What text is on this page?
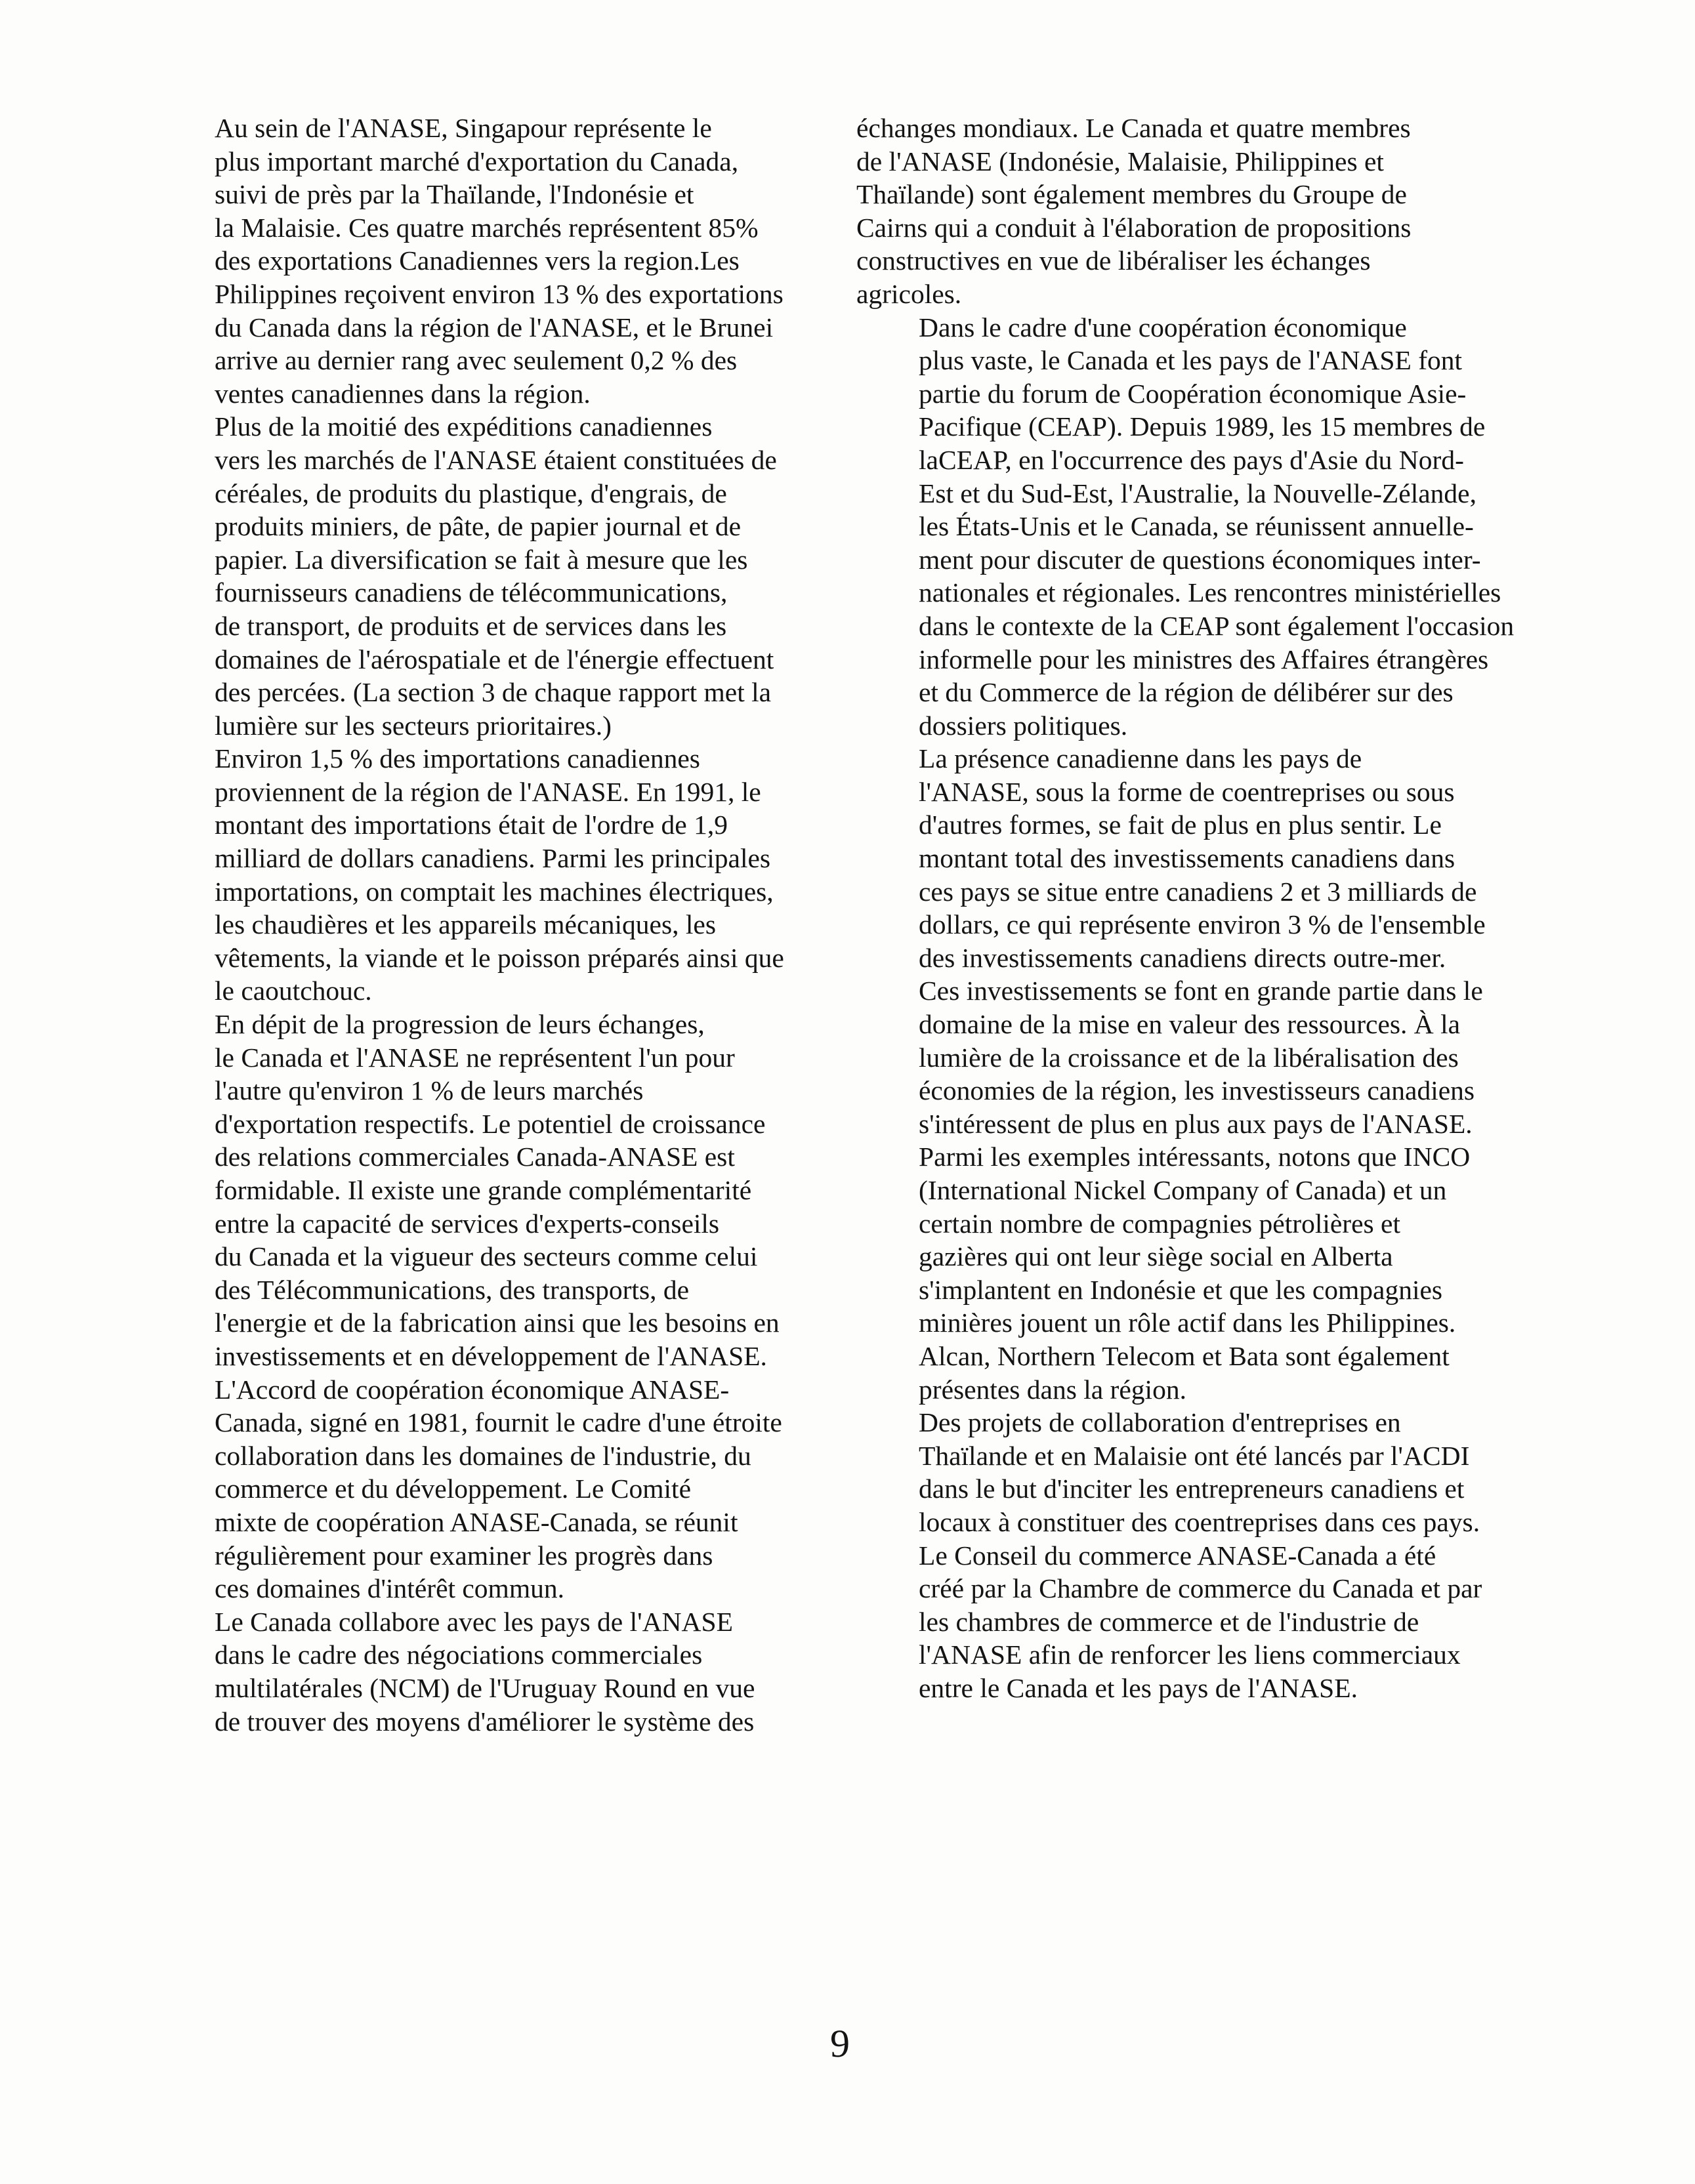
Au sein de l'ANASE, Singapour représente le
plus important marché d'exportation du Canada,
suivi de près par la Thaïlande, l'Indonésie et
la Malaisie. Ces quatre marchés représentent 85%
des exportations Canadiennes vers la region.Les
Philippines reçoivent environ 13 % des exportations
du Canada dans la région de l'ANASE, et le Brunei
arrive au dernier rang avec seulement 0,2 % des
ventes canadiennes dans la région.

Plus de la moitié des expéditions canadiennes
vers les marchés de l'ANASE étaient constituées de
céréales, de produits du plastique, d'engrais, de
produits miniers, de pâte, de papier journal et de
papier. La diversification se fait à mesure que les
fournisseurs canadiens de télécommunications,
de transport, de produits et de services dans les
domaines de l'aérospatiale et de l'énergie effectuent
des percées. (La section 3 de chaque rapport met la
lumière sur les secteurs prioritaires.)

Environ 1,5 % des importations canadiennes
proviennent de la région de l'ANASE. En 1991, le
montant des importations était de l'ordre de 1,9
milliard de dollars canadiens. Parmi les principales
importations, on comptait les machines électriques,
les chaudières et les appareils mécaniques, les
vêtements, la viande et le poisson préparés ainsi que
le caoutchouc.

En dépit de la progression de leurs échanges,
le Canada et l'ANASE ne représentent l'un pour
l'autre qu'environ 1 % de leurs marchés
d'exportation respectifs. Le potentiel de croissance
des relations commerciales Canada-ANASE est
formidable. Il existe une grande complémentarité
entre la capacité de services d'experts-conseils
du Canada et la vigueur des secteurs comme celui
des Télécommunications, des transports, de
l'energie et de la fabrication ainsi que les besoins en
investissements et en développement de l'ANASE.

L'Accord de coopération économique ANASE-
Canada, signé en 1981, fournit le cadre d'une étroite
collaboration dans les domaines de l'industrie, du
commerce et du développement. Le Comité
mixte de coopération ANASE-Canada, se réunit
régulièrement pour examiner les progrès dans
ces domaines d'intérêt commun.

Le Canada collabore avec les pays de l'ANASE
dans le cadre des négociations commerciales
multilatérales (NCM) de l'Uruguay Round en vue
de trouver des moyens d'améliorer le système des

échanges mondiaux. Le Canada et quatre membres
de l'ANASE (Indonésie, Malaisie, Philippines et
Thaïlande) sont également membres du Groupe de
Cairns qui a conduit à l'élaboration de propositions
constructives en vue de libéraliser les échanges
agricoles.

Dans le cadre d'une coopération économique
plus vaste, le Canada et les pays de l'ANASE font
partie du forum de Coopération économique Asie-
Pacifique (CEAP). Depuis 1989, les 15 membres de
laCEAP, en l'occurrence des pays d'Asie du Nord-
Est et du Sud-Est, l'Australie, la Nouvelle-Zélande,
les États-Unis et le Canada, se réunissent annuelle-
ment pour discuter de questions économiques inter-
nationales et régionales. Les rencontres ministérielles
dans le contexte de la CEAP sont également l'occasion
informelle pour les ministres des Affaires étrangères
et du Commerce de la région de délibérer sur des
dossiers politiques.

La présence canadienne dans les pays de
l'ANASE, sous la forme de coentreprises ou sous
d'autres formes, se fait de plus en plus sentir. Le
montant total des investissements canadiens dans
ces pays se situe entre canadiens 2 et 3 milliards de
dollars, ce qui représente environ 3 % de l'ensemble
des investissements canadiens directs outre-mer.
Ces investissements se font en grande partie dans le
domaine de la mise en valeur des ressources. À la
lumière de la croissance et de la libéralisation des
économies de la région, les investisseurs canadiens
s'intéressent de plus en plus aux pays de l'ANASE.
Parmi les exemples intéressants, notons que INCO
(International Nickel Company of Canada) et un
certain nombre de compagnies pétrolières et
gazières qui ont leur siège social en Alberta
s'implantent en Indonésie et que les compagnies
minières jouent un rôle actif dans les Philippines.
Alcan, Northern Telecom et Bata sont également
présentes dans la région.

Des projets de collaboration d'entreprises en
Thaïlande et en Malaisie ont été lancés par l'ACDI
dans le but d'inciter les entrepreneurs canadiens et
locaux à constituer des coentreprises dans ces pays.

Le Conseil du commerce ANASE-Canada a été
créé par la Chambre de commerce du Canada et par
les chambres de commerce et de l'industrie de
l'ANASE afin de renforcer les liens commerciaux
entre le Canada et les pays de l'ANASE.

9
